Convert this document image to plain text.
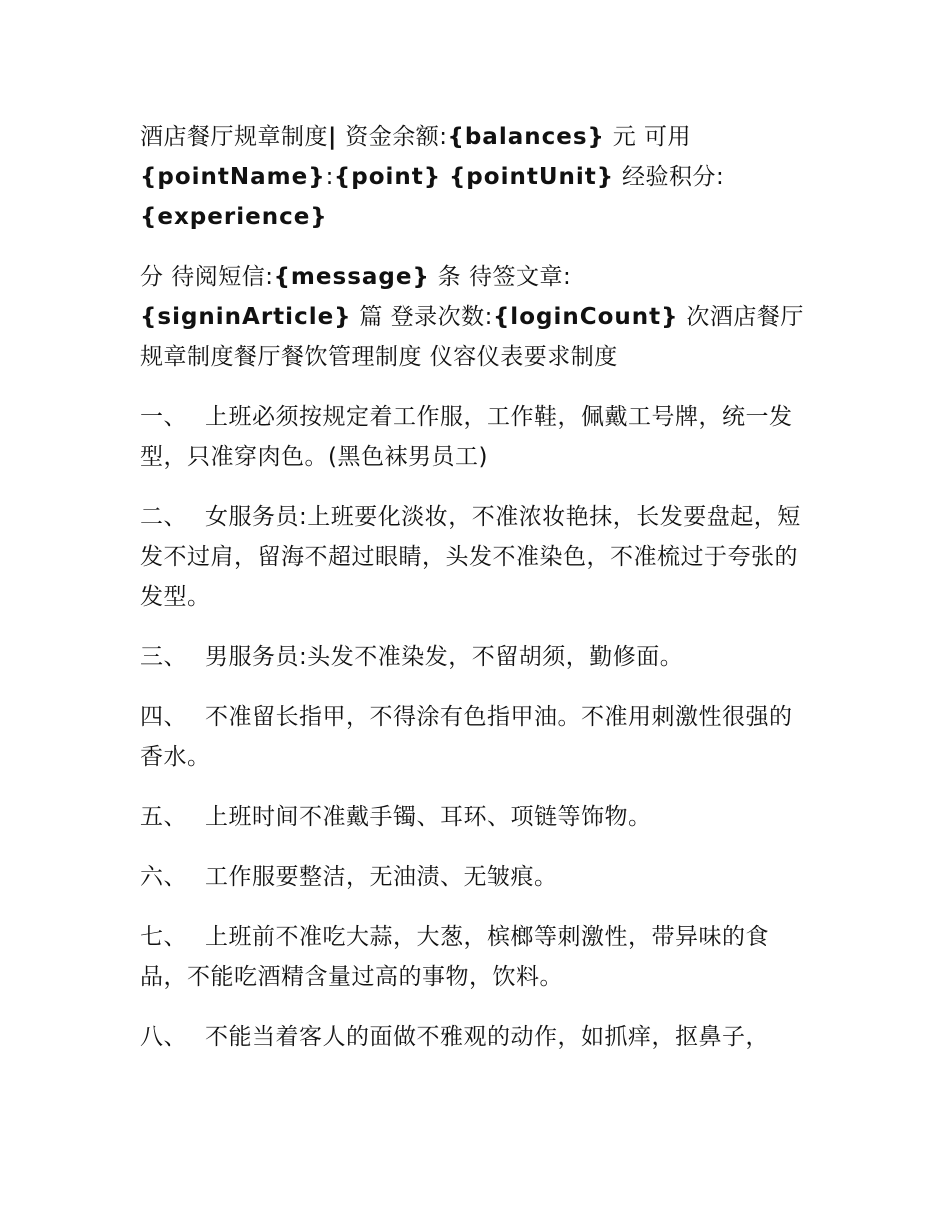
酒店餐厅规章制度| 资金余额:{balances} 元 可用
{pointName}:{point} {pointUnit} 经验积分:
{experience}

分 待阅短信:{message} 条 待签文章:
{signinArticle} 篇 登录次数:{loginCount} 次酒店餐厅规章制度餐厅餐饮管理制度 仪容仪表要求制度

一、 上班必须按规定着工作服，工作鞋，佩戴工号牌，统一发型，只准穿肉色。(黑色袜男员工)

二、 女服务员:上班要化淡妆，不准浓妆艳抹，长发要盘起，短发不过肩，留海不超过眼睛，头发不准染色，不准梳过于夸张的发型。

三、 男服务员:头发不准染发，不留胡须，勤修面。

四、 不准留长指甲，不得涂有色指甲油。不准用刺激性很强的香水。

五、 上班时间不准戴手镯、耳环、项链等饰物。

六、 工作服要整洁，无油渍、无皱痕。

七、 上班前不准吃大蒜，大葱，槟榔等刺激性，带异味的食品，不能吃酒精含量过高的事物，饮料。

八、 不能当着客人的面做不雅观的动作，如抓痒，抠鼻子，
